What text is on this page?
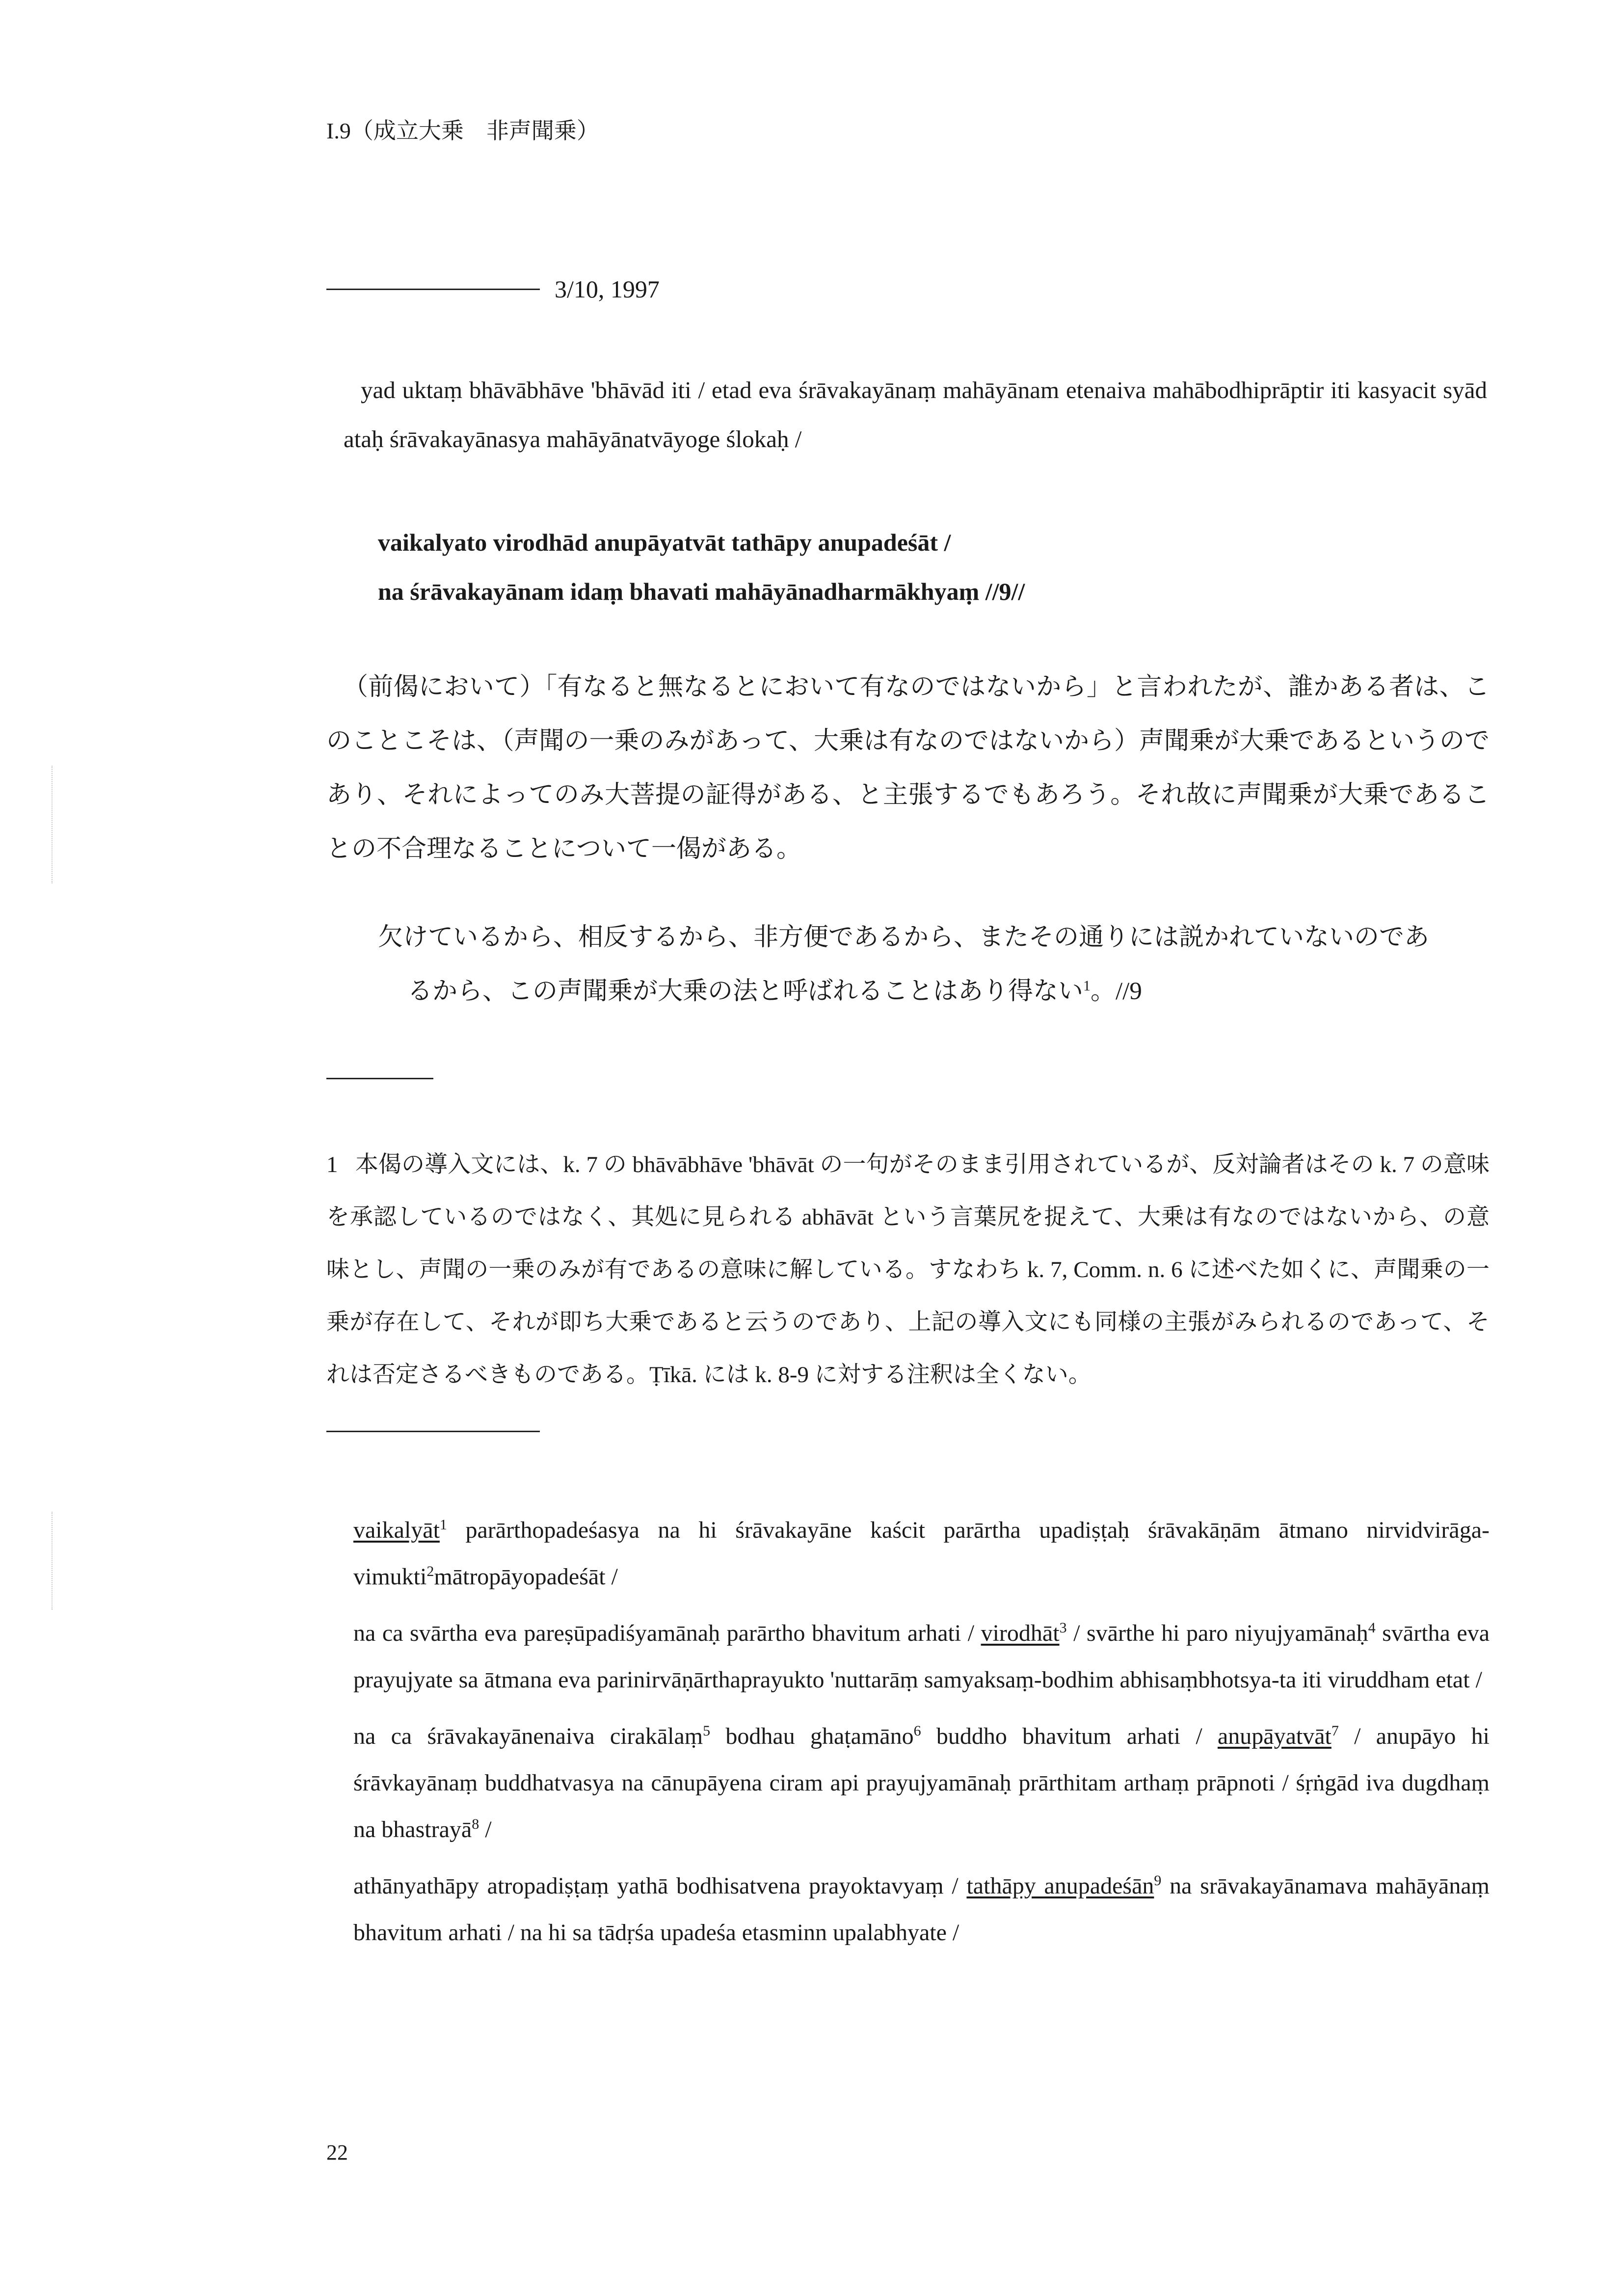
I.9（成立大乗　非声聞乗）
3/10, 1997

yad uktaṃ bhāvābhāve 'bhāvād iti / etad eva śrāvakayānaṃ mahāyānam etenaiva mahābodhiprāptir iti kasyacit syād ataḥ śrāvakayānasya mahāyānatvāyoge ślokaḥ /

vaikalyato virodhād anupāyatvāt tathāpy anupadeśāt /
na śrāvakayānam idaṃ bhavati mahāyānadharmākhyaṃ //9//

（前偈において）「有なると無なるとにおいて有なのではないから」と言われたが、誰かある者は、このことこそは、（声聞の一乗のみがあって、大乗は有なのではないから）声聞乗が大乗であるというのであり、それによってのみ大菩提の証得がある、と主張するでもあろう。それ故に声聞乗が大乗であることの不合理なることについて一偈がある。

欠けているから、相反するから、非方便であるから、またその通りには説かれていないのであ
るから、この声聞乗が大乗の法と呼ばれることはあり得ない$^1$。//9

1 本偈の導入文には、k. 7 の bhāvābhāve 'bhāvāt の一句がそのまま引用されているが、反対論者はその k. 7 の意味を承認しているのではなく、其処に見られる abhāvāt という言葉尻を捉えて、大乗は有なのではないから、の意味とし、声聞の一乗のみが有であるの意味に解している。すなわち k. 7, Comm. n. 6 に述べた如くに、声聞乗の一乗が存在して、それが即ち大乗であると云うのであり、上記の導入文にも同様の主張がみられるのであって、それは否定さるべきものである。Ṭīkā. には k. 8-9 に対する注釈は全くない。

vaikalyāt$^1$ parārthopadeśasya na hi śrāvakayāne kaścit parārtha upadiṣṭaḥ śrāvakāṇām ātmano nirvidvirāga-vimukti$^2$mātropāyopadeśāt /
na ca svārtha eva pareṣūpadiśyamānaḥ parārtho bhavitum arhati / virodhāt$^3$ / svārthe hi paro niyujyamānaḥ$^4$ svārtha eva prayujyate sa ātmana eva parinirvāṇārthaprayukto 'nuttarāṃ samyaksaṃ-bodhim abhisaṃbhotsya-ta iti viruddham etat /
na ca śrāvakayānenaiva cirakālaṃ$^5$ bodhau ghaṭamāno$^6$ buddho bhavitum arhati / anupāyatvāt$^7$ / anupāyo hi śrāvkayānaṃ buddhatvasya na cānupāyena ciram api prayujyamānaḥ prārthitam arthaṃ prāpnoti / śṛṅgād iva dugdhaṃ na bhastrayā$^8$ /
athānyathāpy atropadiṣṭaṃ yathā bodhisatvena prayoktavyaṃ / tathāpy anupadeśān$^9$ na srāvakayānamava mahāyānaṃ bhavitum arhati / na hi sa tādṛśa upadeśa etasminn upalabhyate /
22
